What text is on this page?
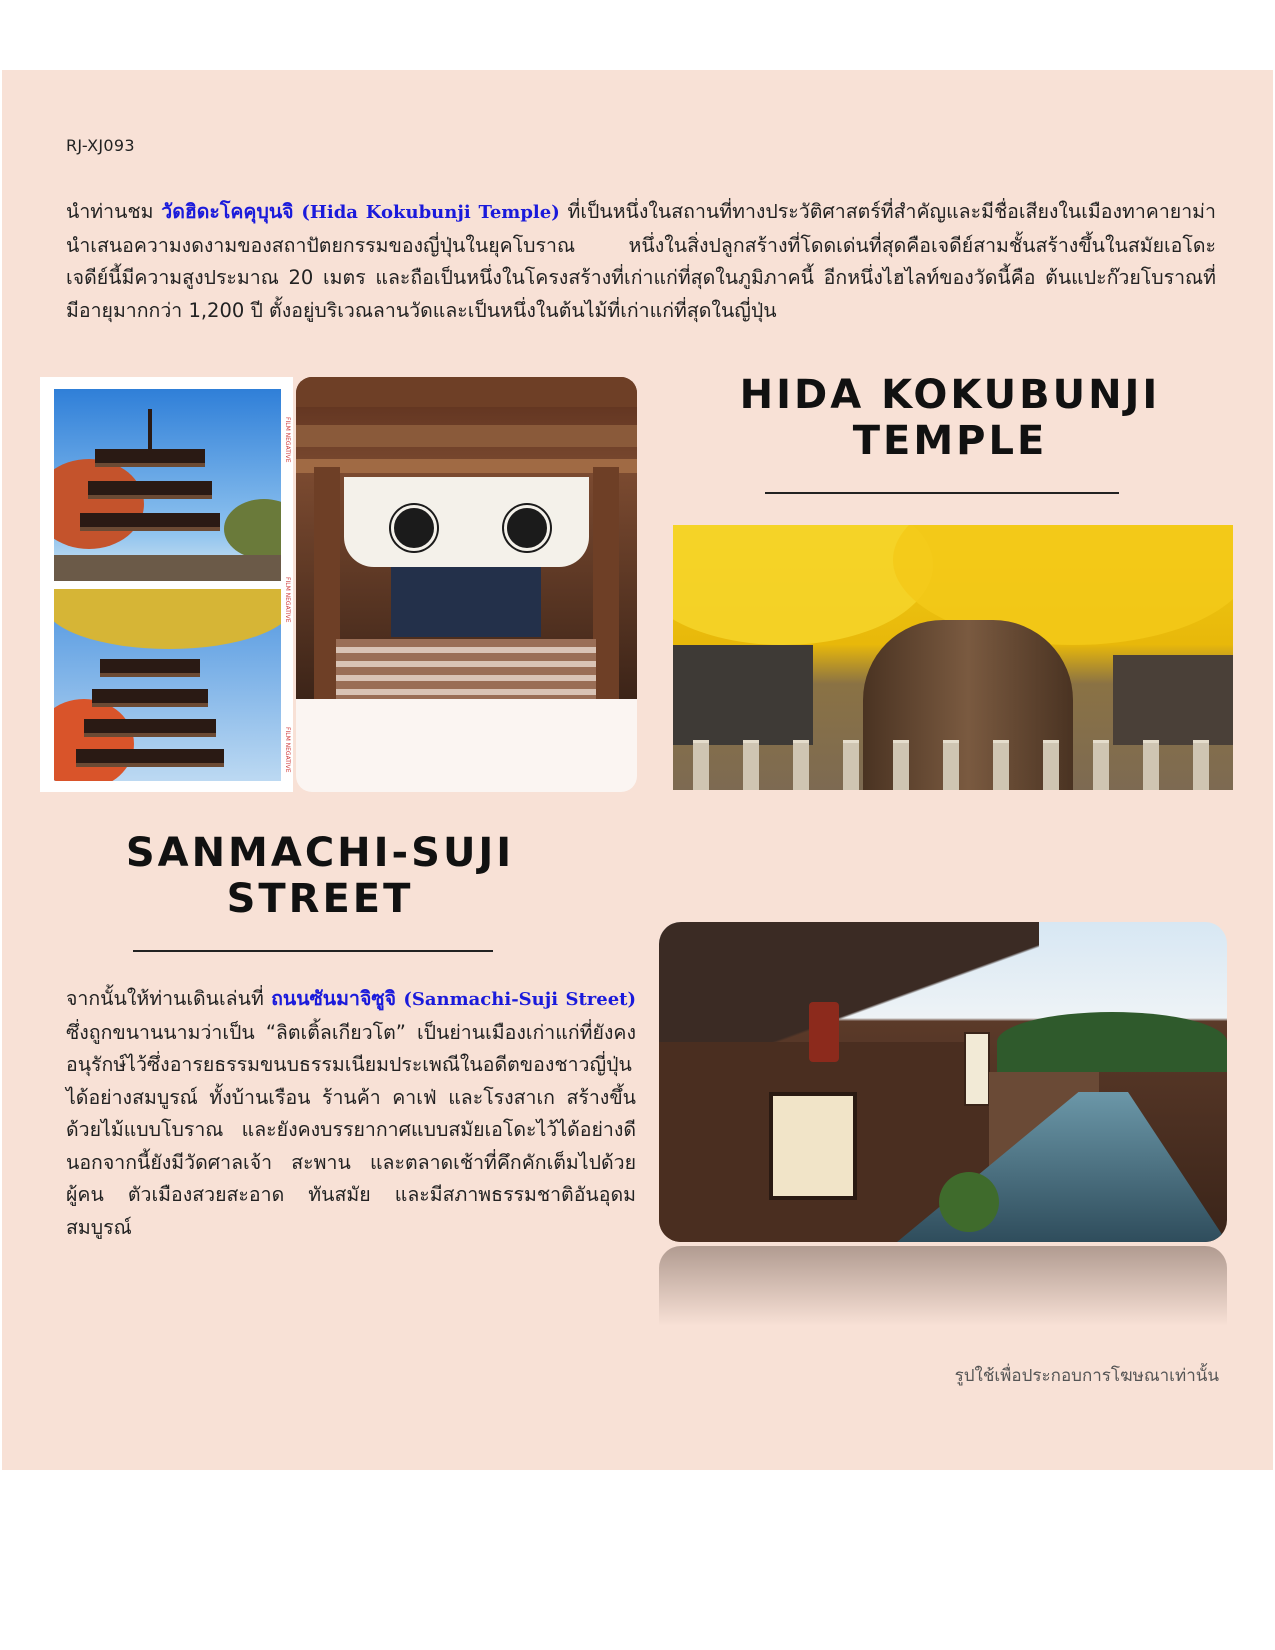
RJ-XJ093
นำท่านชม วัดฮิดะโคคุบุนจิ (Hida Kokubunji Temple) ที่เป็นหนึ่งในสถานที่ทางประวัติศาสตร์ที่สำคัญและมีชื่อเสียงในเมืองทาคายาม่า นำเสนอความงดงามของสถาปัตยกรรมของญี่ปุ่นในยุคโบราณ หนึ่งในสิ่งปลูกสร้างที่โดดเด่นที่สุดคือเจดีย์สามชั้นสร้างขึ้นในสมัยเอโดะ เจดีย์นี้มีความสูงประมาณ 20 เมตร และถือเป็นหนึ่งในโครงสร้างที่เก่าแก่ที่สุดในภูมิภาคนี้ อีกหนึ่งไฮไลท์ของวัดนี้คือ ต้นแปะก๊วยโบราณที่มีอายุมากกว่า 1,200 ปี ตั้งอยู่บริเวณลานวัดและเป็นหนึ่งในต้นไม้ที่เก่าแก่ที่สุดในญี่ปุ่น
FILM NEGATIVE
FILM NEGATIVE
FILM NEGATIVE
HIDA KOKUBUNJI
TEMPLE
SANMACHI-SUJI
STREET
จากนั้นให้ท่านเดินเล่นที่ ถนนซันมาจิซูจิ (Sanmachi-Suji Street) ซึ่งถูกขนานนามว่าเป็น “ลิตเติ้ลเกียวโต” เป็นย่านเมืองเก่าแก่ที่ยังคงอนุรักษ์ไว้ซึ่งอารยธรรมขนบธรรมเนียมประเพณีในอดีตของชาวญี่ปุ่นได้อย่างสมบูรณ์ ทั้งบ้านเรือน ร้านค้า คาเฟ่ และโรงสาเก สร้างขึ้นด้วยไม้แบบโบราณ และยังคงบรรยากาศแบบสมัยเอโดะไว้ได้อย่างดี นอกจากนี้ยังมีวัดศาลเจ้า สะพาน และตลาดเช้าที่คึกคักเต็มไปด้วยผู้คน ตัวเมืองสวยสะอาด ทันสมัย และมีสภาพธรรมชาติอันอุดมสมบูรณ์
รูปใช้เพื่อประกอบการโฆษณาเท่านั้น
